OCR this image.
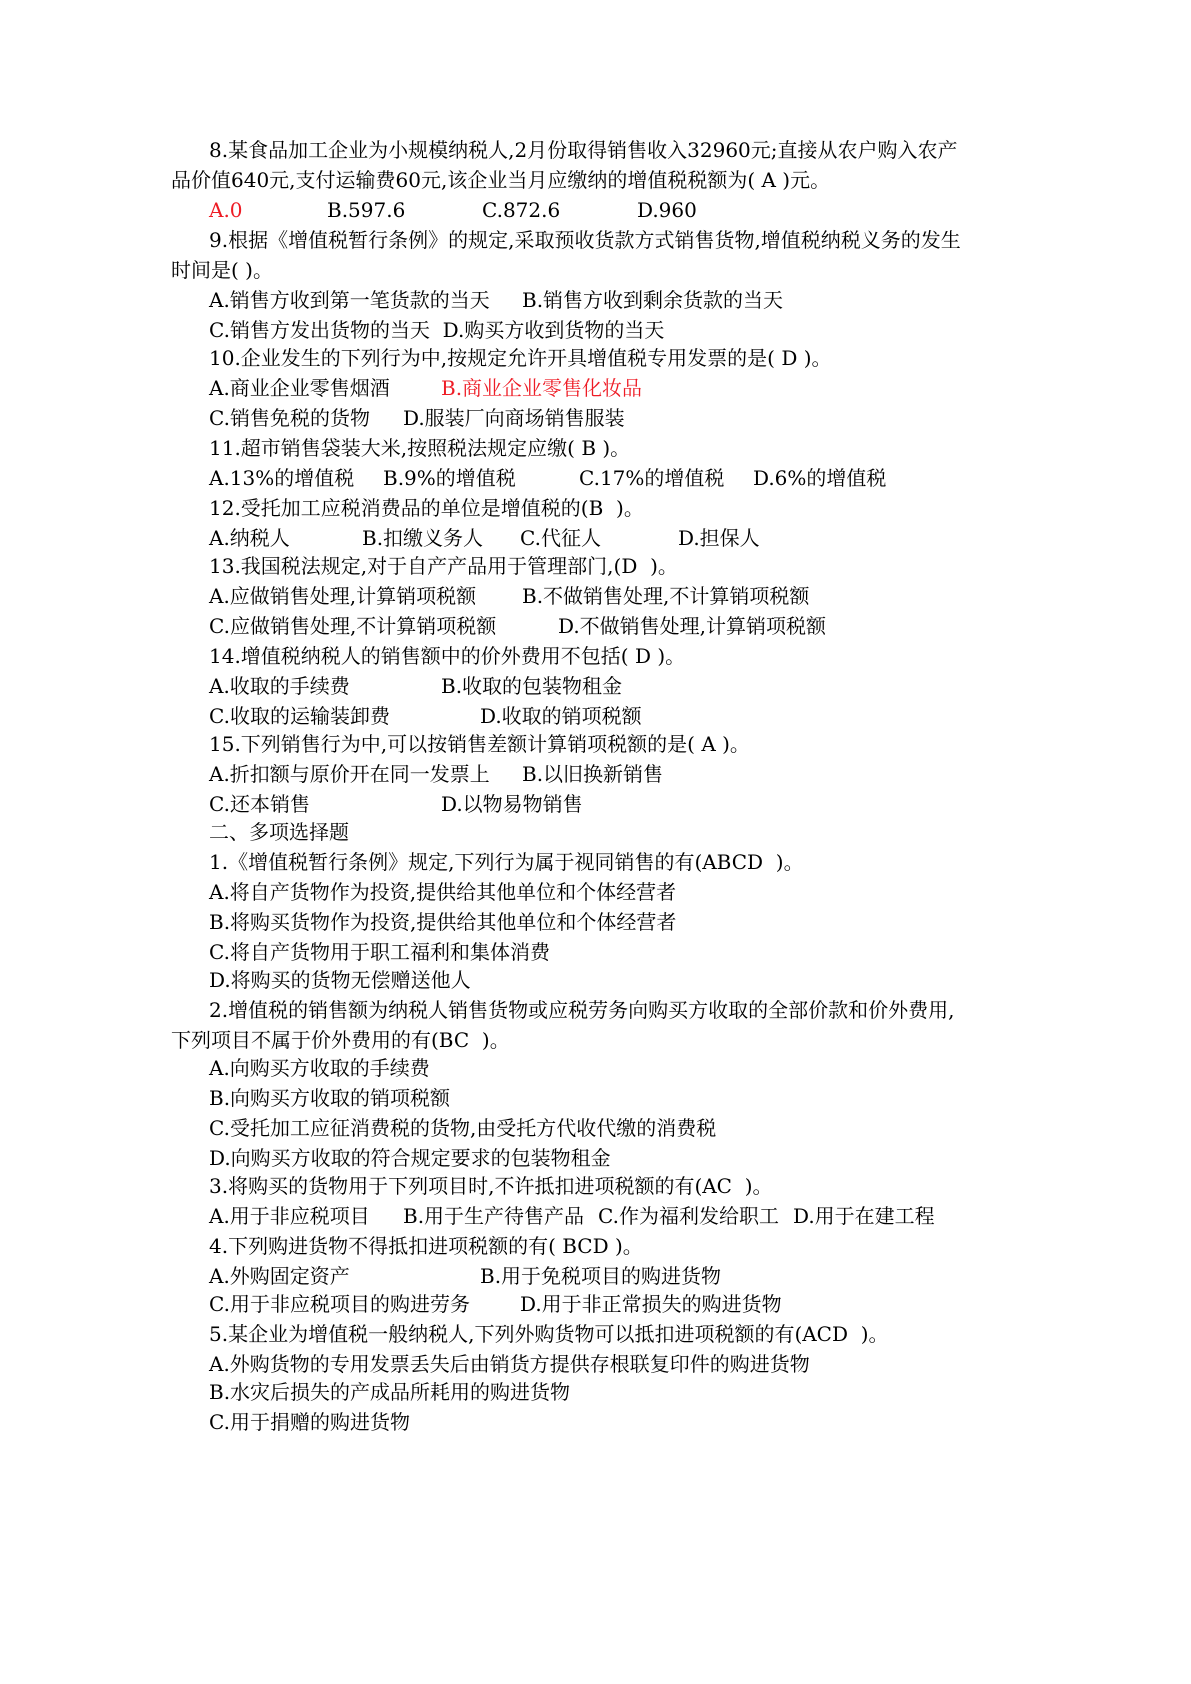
8.某食品加工企业为小规模纳税人,2月份取得销售收入32960元;直接从农户购入农产
品价值640元,支付运输费60元,该企业当月应缴纳的增值税税额为( A )元。
A.0	B.597.6	C.872.6	D.960
9.根据《增值税暂行条例》的规定,采取预收货款方式销售货物,增值税纳税义务的发生
时间是( )。
A.销售方收到第一笔货款的当天 B.销售方收到剩余货款的当天
C.销售方发出货物的当天  D.购买方收到货物的当天
10.企业发生的下列行为中,按规定允许开具增值税专用发票的是( D )。
A.商业企业零售烟酒	B.商业企业零售化妆品
C.销售免税的货物 D.服装厂向商场销售服装
11.超市销售袋装大米,按照税法规定应缴( B )。
A.13%的增值税 B.9%的增值税	C.17%的增值税 D.6%的增值税
12.受托加工应税消费品的单位是增值税的(B  )。
A.纳税人	B.扣缴义务人 C.代征人	D.担保人
13.我国税法规定,对于自产产品用于管理部门,(D  )。
A.应做销售处理,计算销项税额 B.不做销售处理,不计算销项税额
C.应做销售处理,不计算销项税额	D.不做销售处理,计算销项税额
14.增值税纳税人的销售额中的价外费用不包括( D )。
A.收取的手续费	B.收取的包装物租金
C.收取的运输装卸费	D.收取的销项税额
15.下列销售行为中,可以按销售差额计算销项税额的是( A )。
A.折扣额与原价开在同一发票上 B.以旧换新销售
C.还本销售	D.以物易物销售
二、多项选择题
1.《增值税暂行条例》规定,下列行为属于视同销售的有(ABCD  )。
A.将自产货物作为投资,提供给其他单位和个体经营者
B.将购买货物作为投资,提供给其他单位和个体经营者
C.将自产货物用于职工福利和集体消费
D.将购买的货物无偿赠送他人
2.增值税的销售额为纳税人销售货物或应税劳务向购买方收取的全部价款和价外费用,
下列项目不属于价外费用的有(BC  )。
A.向购买方收取的手续费
B.向购买方收取的销项税额
C.受托加工应征消费税的货物,由受托方代收代缴的消费税
D.向购买方收取的符合规定要求的包装物租金
3.将购买的货物用于下列项目时,不许抵扣进项税额的有(AC  )。
A.用于非应税项目 B.用于生产待售产品 C.作为福利发给职工 D.用于在建工程
4.下列购进货物不得抵扣进项税额的有( BCD )。
A.外购固定资产	B.用于免税项目的购进货物
C.用于非应税项目的购进劳务	D.用于非正常损失的购进货物
5.某企业为增值税一般纳税人,下列外购货物可以抵扣进项税额的有(ACD  )。
A.外购货物的专用发票丢失后由销货方提供存根联复印件的购进货物
B.水灾后损失的产成品所耗用的购进货物
C.用于捐赠的购进货物
